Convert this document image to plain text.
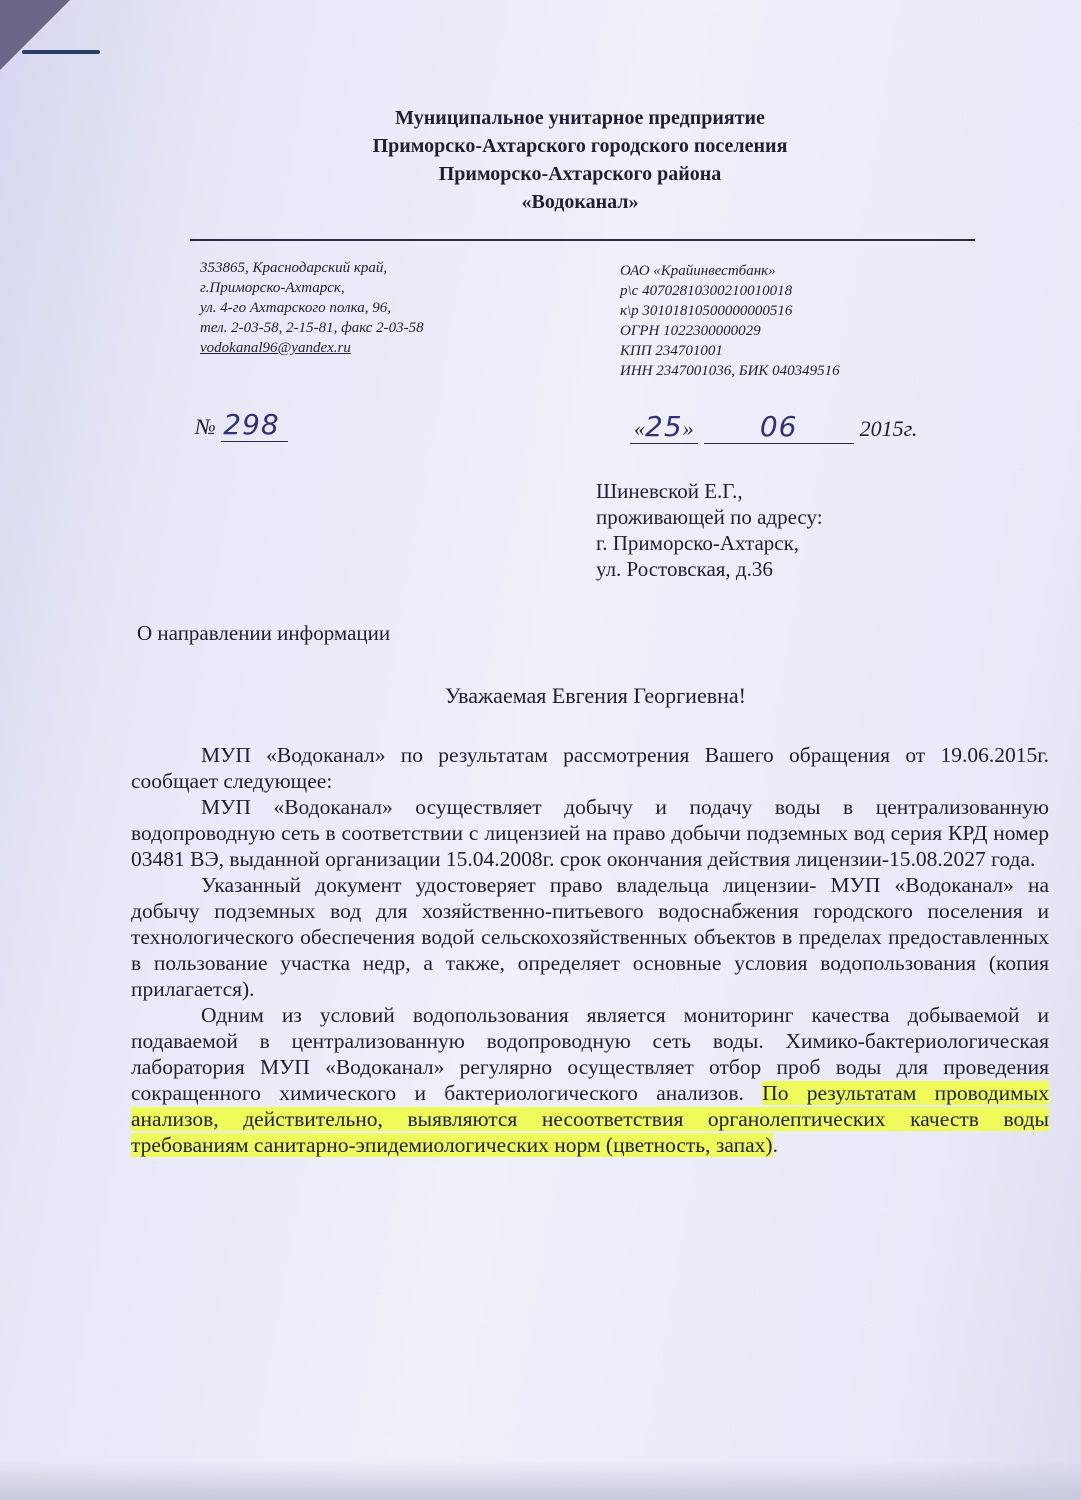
Муниципальное унитарное предприятие
Приморско-Ахтарского городского поселения
Приморско-Ахтарского района
«Водоканал»
353865, Краснодарский край,
г.Приморско-Ахтарск,
ул. 4-го Ахтарского полка, 96,
тел. 2-03-58, 2-15-81, факс 2-03-58
vodokanal96@yandex.ru
ОАО «Крайинвестбанк»
р\с 40702810300210010018
к\р 30101810500000000516
ОГРН 1022300000029
КПП 234701001
ИНН 2347001036, БИК 040349516
№ 298	«25» 06	2015г.
Шиневской Е.Г.,
проживающей по адресу:
г. Приморско-Ахтарск,
ул. Ростовская, д.36
О направлении информации
Уважаемая Евгения Георгиевна!

МУП «Водоканал» по результатам рассмотрения Вашего обращения от 19.06.2015г. сообщает следующее:

МУП «Водоканал» осуществляет добычу и подачу воды в централизованную водопроводную сеть в соответствии с лицензией на право добычи подземных вод серия КРД номер 03481 ВЭ, выданной организации 15.04.2008г. срок окончания действия лицензии-15.08.2027 года.

Указанный документ удостоверяет право владельца лицензии- МУП «Водоканал» на добычу подземных вод для хозяйственно-питьевого водоснабжения городского поселения и технологического обеспечения водой сельскохозяйственных объектов в пределах предоставленных в пользование участка недр, а также, определяет основные условия водопользования (копия прилагается).

Одним из условий водопользования является мониторинг качества добываемой и подаваемой в централизованную водопроводную сеть воды. Химико-бактериологическая лаборатория МУП «Водоканал» регулярно осуществляет отбор проб воды для проведения сокращенного химического и бактериологического анализов. По результатам проводимых анализов, действительно, выявляются несоответствия органолептических качеств воды требованиям санитарно-эпидемиологических норм (цветность, запах).
